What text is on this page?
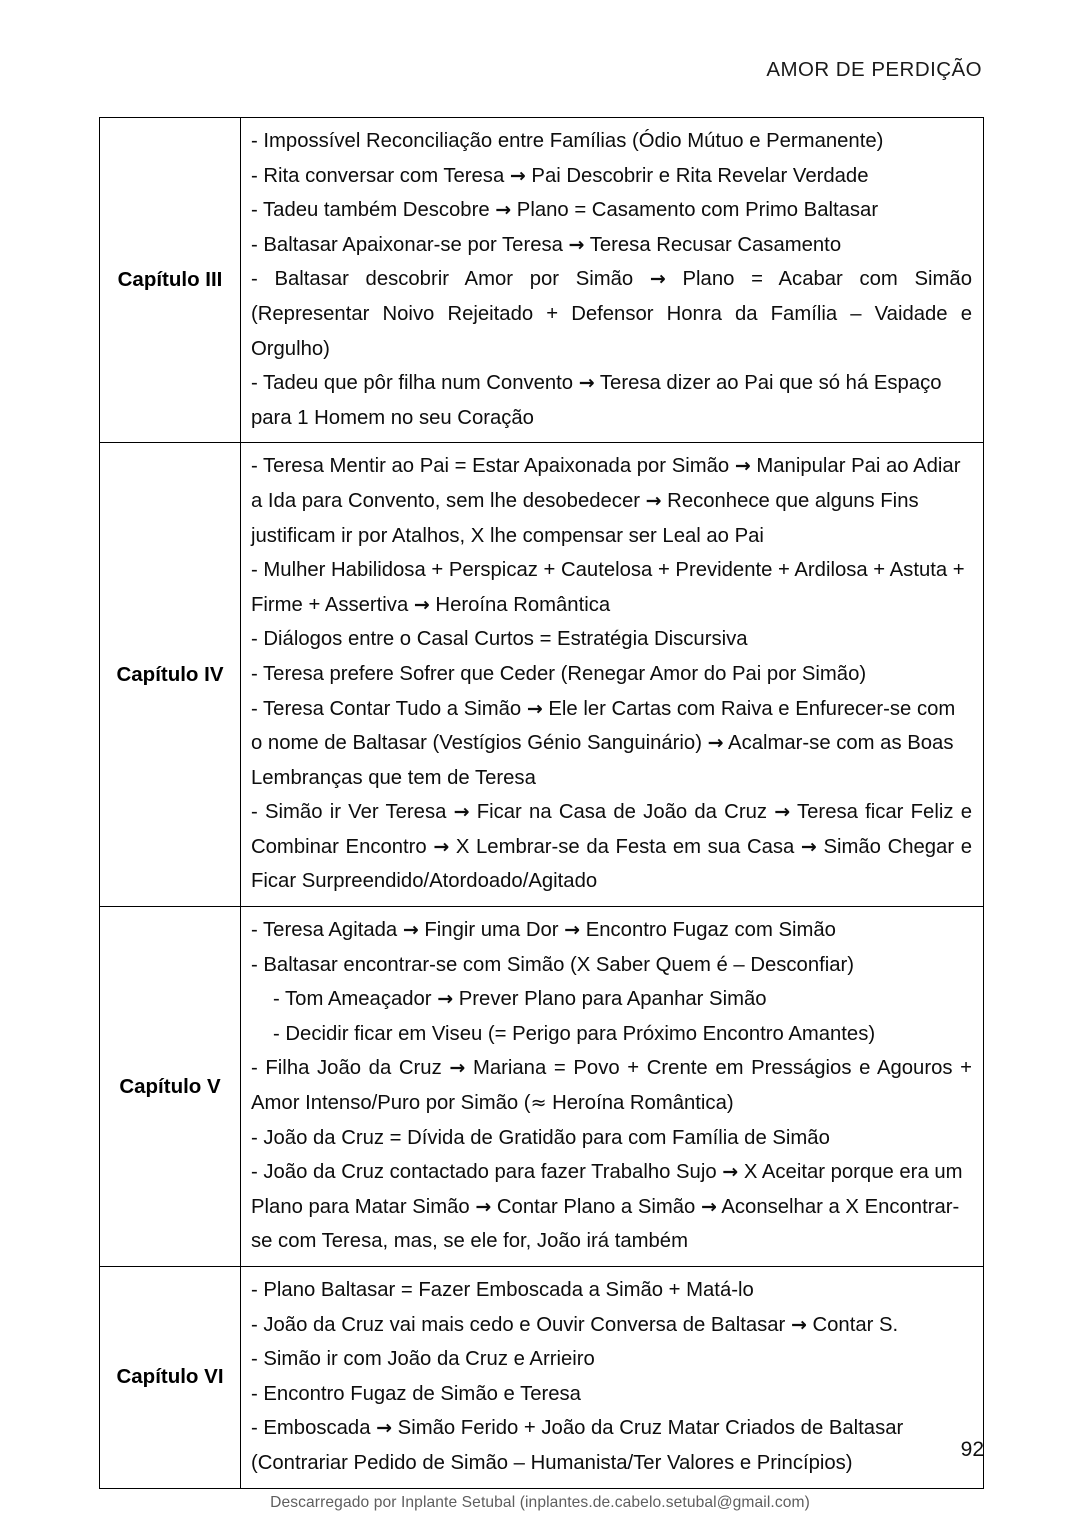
AMOR DE PERDIÇÃO
Capítulo III

- Impossível Reconciliação entre Famílias (Ódio Mútuo e Permanente)
- Rita conversar com Teresa → Pai Descobrir e Rita Revelar Verdade
- Tadeu também Descobre → Plano = Casamento com Primo Baltasar
- Baltasar Apaixonar-se por Teresa → Teresa Recusar Casamento
- Baltasar descobrir Amor por Simão → Plano = Acabar com Simão (Representar Noivo Rejeitado + Defensor Honra da Família – Vaidade e Orgulho)
- Tadeu que pôr filha num Convento → Teresa dizer ao Pai que só há Espaço para 1 Homem no seu Coração

Capítulo IV

- Teresa Mentir ao Pai = Estar Apaixonada por Simão → Manipular Pai ao Adiar a Ida para Convento, sem lhe desobedecer → Reconhece que alguns Fins justificam ir por Atalhos, X lhe compensar ser Leal ao Pai
- Mulher Habilidosa + Perspicaz + Cautelosa + Previdente + Ardilosa + Astuta + Firme + Assertiva → Heroína Romântica
- Diálogos entre o Casal Curtos = Estratégia Discursiva
- Teresa prefere Sofrer que Ceder (Renegar Amor do Pai por Simão)
- Teresa Contar Tudo a Simão → Ele ler Cartas com Raiva e Enfurecer-se com o nome de Baltasar (Vestígios Génio Sanguinário) → Acalmar-se com as Boas Lembranças que tem de Teresa
- Simão ir Ver Teresa → Ficar na Casa de João da Cruz → Teresa ficar Feliz e Combinar Encontro → X Lembrar-se da Festa em sua Casa → Simão Chegar e Ficar Surpreendido/Atordoado/Agitado

Capítulo V

- Teresa Agitada → Fingir uma Dor → Encontro Fugaz com Simão
- Baltasar encontrar-se com Simão (X Saber Quem é – Desconfiar)
- Tom Ameaçador → Prever Plano para Apanhar Simão
- Decidir ficar em Viseu (= Perigo para Próximo Encontro Amantes)
- Filha João da Cruz → Mariana = Povo + Crente em Presságios e Agouros + Amor Intenso/Puro por Simão (≈ Heroína Romântica)
- João da Cruz = Dívida de Gratidão para com Família de Simão
- João da Cruz contactado para fazer Trabalho Sujo → X Aceitar porque era um Plano para Matar Simão → Contar Plano a Simão → Aconselhar a X Encontrar-se com Teresa, mas, se ele for, João irá também

Capítulo VI	- Plano Baltasar = Fazer Emboscada a Simão + Matá-lo
- João da Cruz vai mais cedo e Ouvir Conversa de Baltasar → Contar S.
- Simão ir com João da Cruz e Arrieiro
- Encontro Fugaz de Simão e Teresa
- Emboscada → Simão Ferido + João da Cruz Matar Criados de Baltasar (Contrariar Pedido de Simão – Humanista/Ter Valores e Princípios)
92
Descarregado por Inplante Setubal (inplantes.de.cabelo.setubal@gmail.com)
